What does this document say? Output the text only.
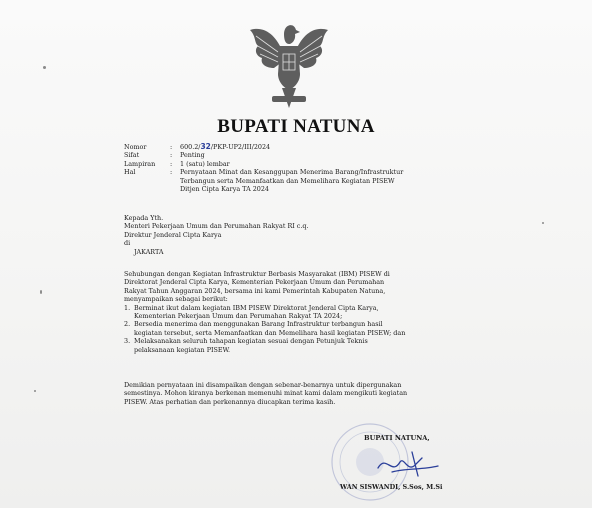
BUPATI NATUNA
Nomor	:	600.2/32/PKP-UP2/III/2024
Sifat	:	Penting
Lampiran	:	1 (satu) lembar
Hal	:	Pernyataan Minat dan Kesanggupan Menerima Barang/Infrastruktur
Terbangun serta Memanfaatkan dan Memelihara Kegiatan PISEW
Ditjen Cipta Karya TA 2024
Kepada Yth.
Menteri Pekerjaan Umum dan Perumahan Rakyat RI c.q.
Direktur Jenderal Cipta Karya
di
JAKARTA
Sehubungan dengan Kegiatan Infrastruktur Berbasis Masyarakat (IBM) PISEW di
Direktorat Jenderal Cipta Karya, Kementerian Pekerjaan Umum dan Perumahan
Rakyat Tahun Anggaran 2024, bersama ini kami Pemerintah Kabupaten Natuna,
menyampaikan sebagai berikut:
1. Berminat ikut dalam kegiatan IBM PISEW Direktorat Jenderal Cipta Karya,
Kementerian Pekerjaan Umum dan Perumahan Rakyat TA 2024;
2. Bersedia menerima dan menggunakan Barang Infrastruktur terbangun hasil
kegiatan tersebut, serta Memanfaatkan dan Memelihara hasil kegiatan PISEW; dan
3. Melaksanakan seluruh tahapan kegiatan sesuai dengan Petunjuk Teknis
pelaksanaan kegiatan PISEW.
Demikian pernyataan ini disampaikan dengan sebenar-benarnya untuk dipergunakan
semestinya. Mohon kiranya berkenan memenuhi minat kami dalam mengikuti kegiatan
PISEW. Atas perhatian dan perkenannya diucapkan terima kasih.
BUPATI NATUNA,
WAN SISWANDI, S.Sos, M.Si
